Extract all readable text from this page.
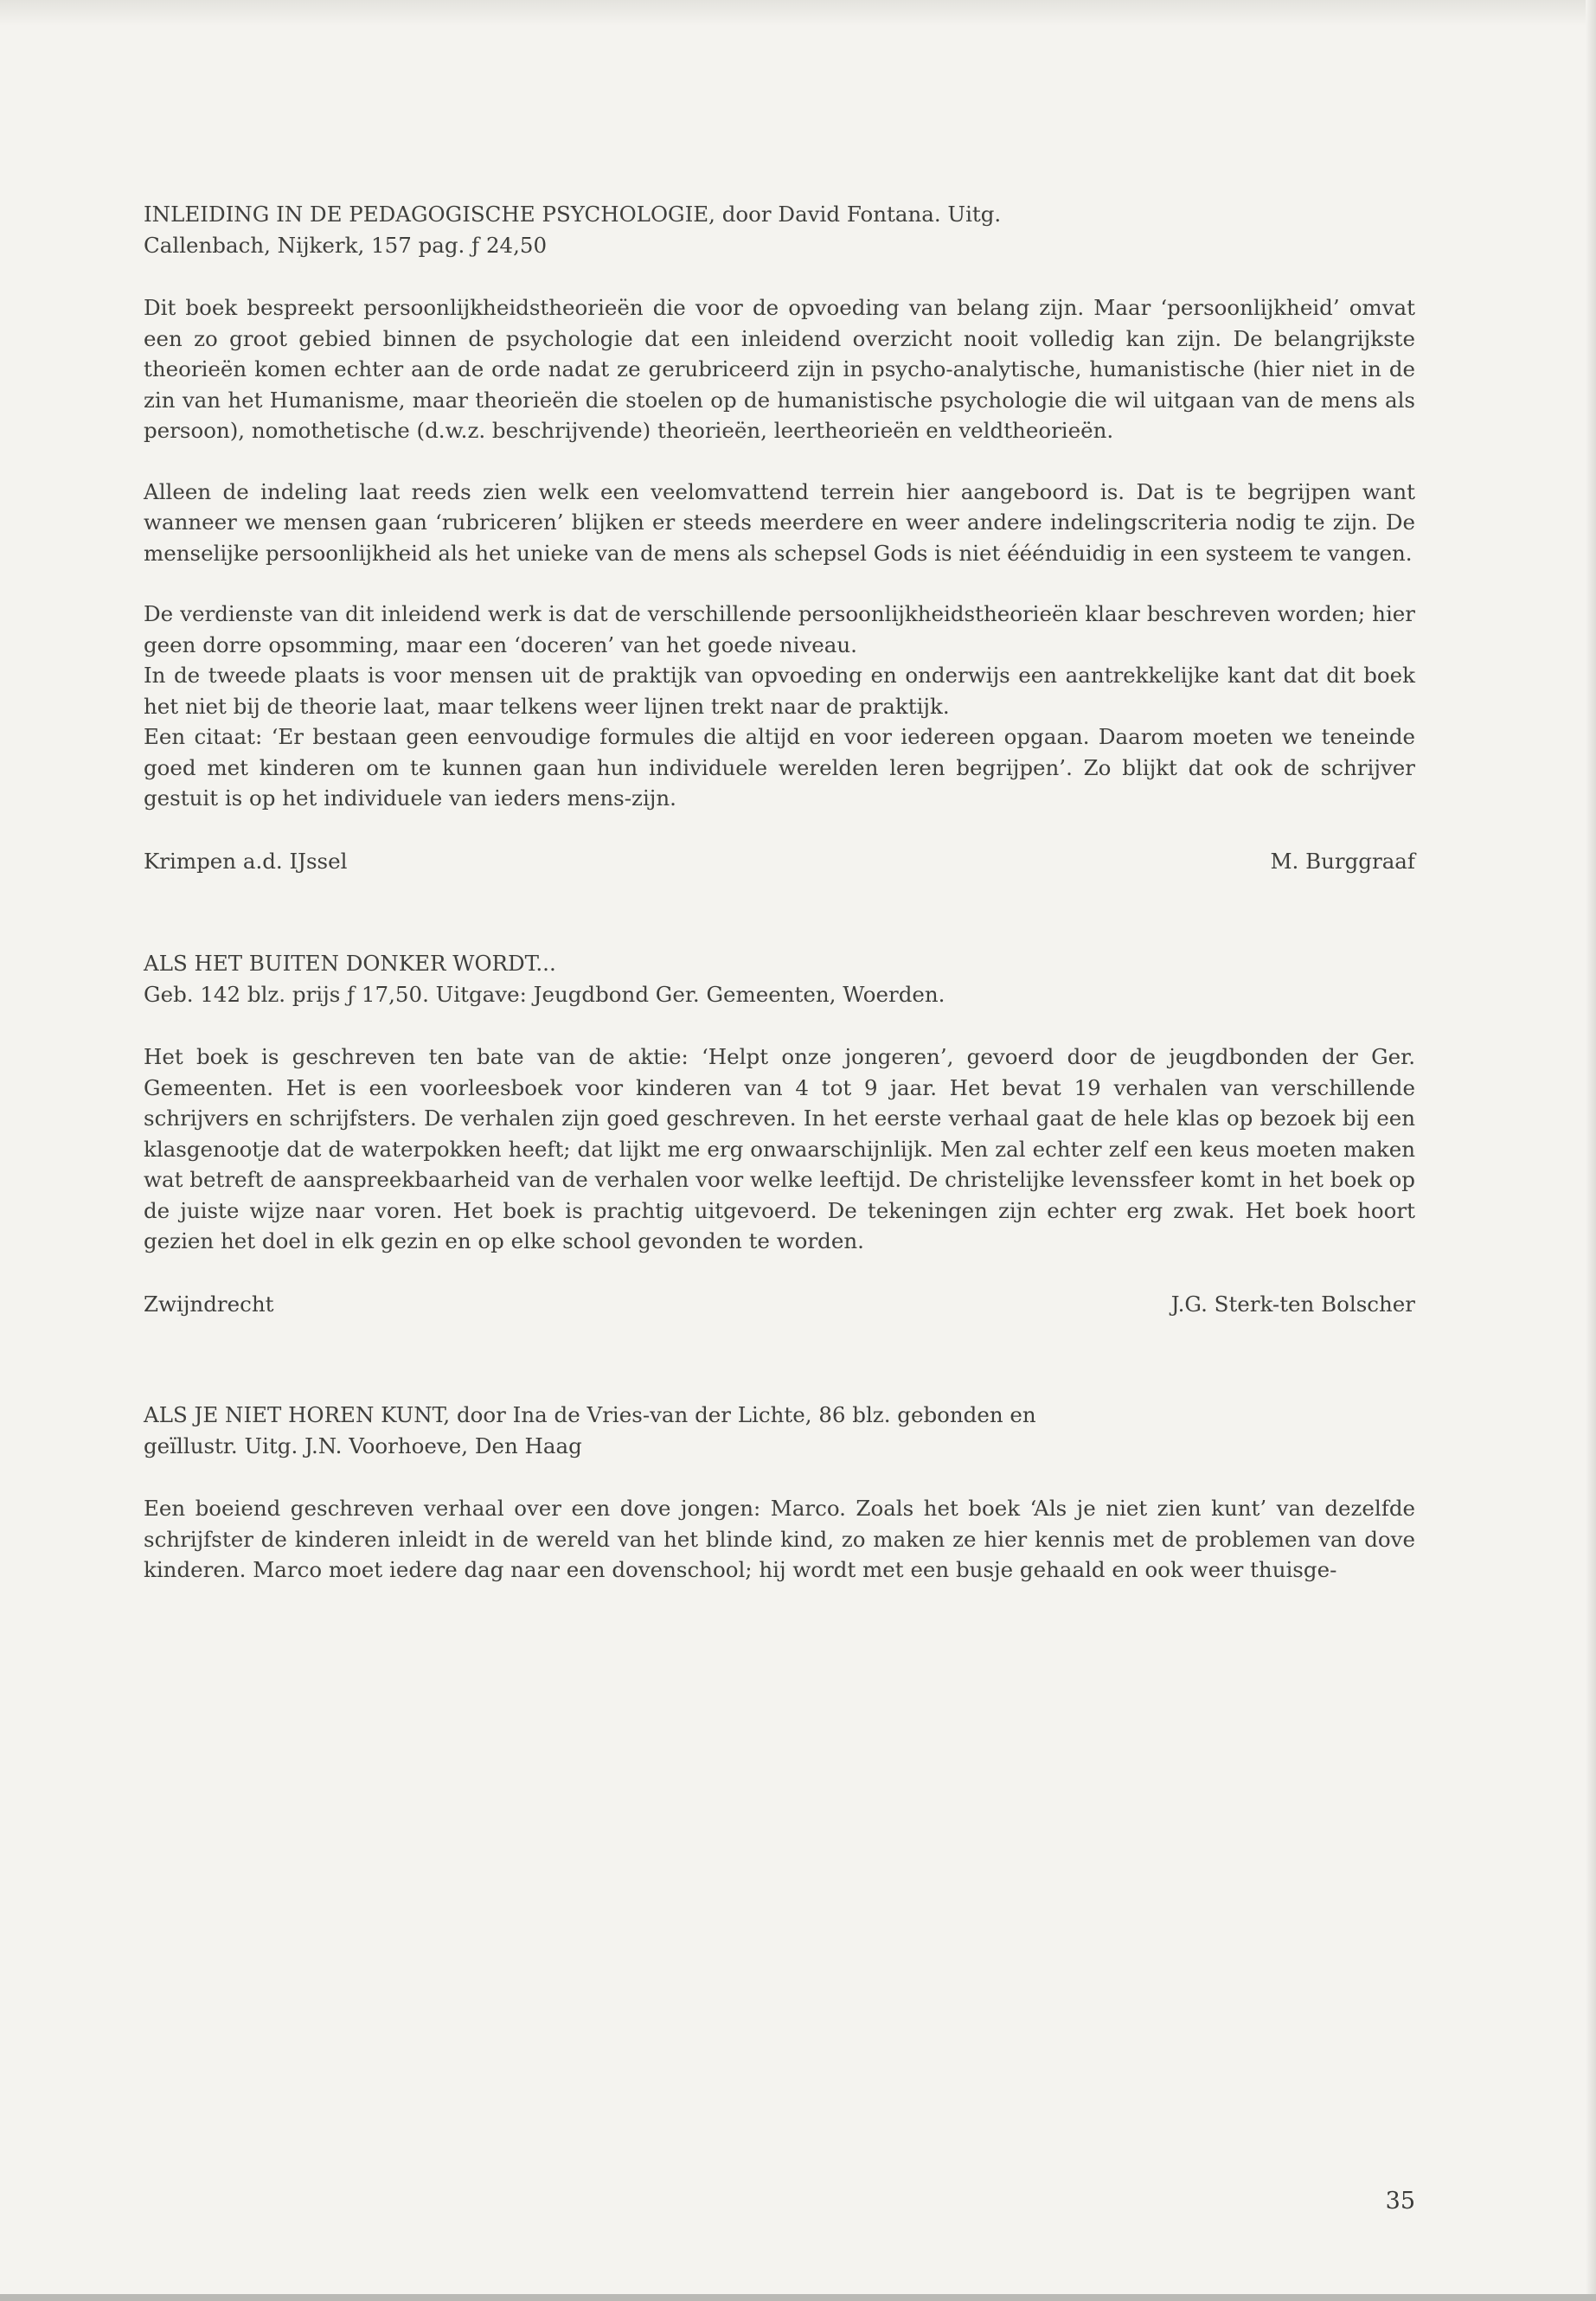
INLEIDING IN DE PEDAGOGISCHE PSYCHOLOGIE, door David Fontana. Uitg.
Callenbach, Nijkerk, 157 pag. ƒ 24,50

Dit boek bespreekt persoonlijkheidstheorieën die voor de opvoeding van belang zijn. Maar ‘persoonlijkheid’ omvat een zo groot gebied binnen de psychologie dat een inleidend overzicht nooit volledig kan zijn. De belangrijkste theorieën komen echter aan de orde nadat ze gerubriceerd zijn in psycho-analytische, humanistische (hier niet in de zin van het Humanisme, maar theorieën die stoelen op de humanistische psychologie die wil uitgaan van de mens als persoon), nomothetische (d.w.z. beschrijvende) theorieën, leertheorieën en veldtheorieën.

Alleen de indeling laat reeds zien welk een veelomvattend terrein hier aangeboord is. Dat is te begrijpen want wanneer we mensen gaan ‘rubriceren’ blijken er steeds meerdere en weer andere indelingscriteria nodig te zijn. De menselijke persoonlijkheid als het unieke van de mens als schepsel Gods is niet ééénduidig in een systeem te vangen.

De verdienste van dit inleidend werk is dat de verschillende persoonlijkheidstheorieën klaar beschreven worden; hier geen dorre opsomming, maar een ‘doceren’ van het goede niveau.

In de tweede plaats is voor mensen uit de praktijk van opvoeding en onderwijs een aantrekkelijke kant dat dit boek het niet bij de theorie laat, maar telkens weer lijnen trekt naar de praktijk.

Een citaat: ‘Er bestaan geen eenvoudige formules die altijd en voor iedereen opgaan. Daarom moeten we teneinde goed met kinderen om te kunnen gaan hun individuele werelden leren begrijpen’. Zo blijkt dat ook de schrijver gestuit is op het individuele van ieders mens-zijn.

Krimpen a.d. IJssel	M. Burggraaf

ALS HET BUITEN DONKER WORDT...
Geb. 142 blz. prijs ƒ 17,50. Uitgave: Jeugdbond Ger. Gemeenten, Woerden.

Het boek is geschreven ten bate van de aktie: ‘Helpt onze jongeren’, gevoerd door de jeugdbonden der Ger. Gemeenten. Het is een voorleesboek voor kinderen van 4 tot 9 jaar. Het bevat 19 verhalen van verschillende schrijvers en schrijfsters. De verhalen zijn goed geschreven. In het eerste verhaal gaat de hele klas op bezoek bij een klasgenootje dat de waterpokken heeft; dat lijkt me erg onwaarschijnlijk. Men zal echter zelf een keus moeten maken wat betreft de aanspreekbaarheid van de verhalen voor welke leeftijd. De christelijke levenssfeer komt in het boek op de juiste wijze naar voren. Het boek is prachtig uitgevoerd. De tekeningen zijn echter erg zwak. Het boek hoort gezien het doel in elk gezin en op elke school gevonden te worden.

Zwijndrecht	J.G. Sterk-ten Bolscher

ALS JE NIET HOREN KUNT, door Ina de Vries-van der Lichte, 86 blz. gebonden en
geïllustr. Uitg. J.N. Voorhoeve, Den Haag

Een boeiend geschreven verhaal over een dove jongen: Marco. Zoals het boek ‘Als je niet zien kunt’ van dezelfde schrijfster de kinderen inleidt in de wereld van het blinde kind, zo maken ze hier kennis met de problemen van dove kinderen. Marco moet iedere dag naar een dovenschool; hij wordt met een busje gehaald en ook weer thuisge-

35
